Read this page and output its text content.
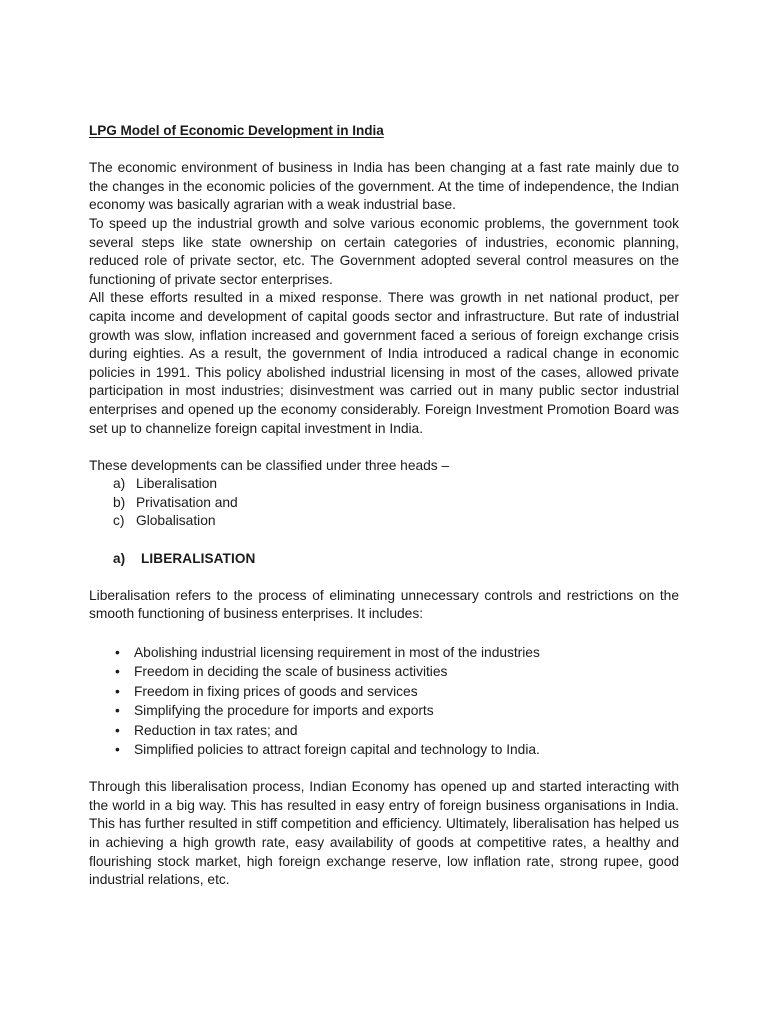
LPG Model of Economic Development in India

The economic environment of business in India has been changing at a fast rate mainly due to the changes in the economic policies of the government. At the time of independence, the Indian economy was basically agrarian with a weak industrial base.

To speed up the industrial growth and solve various economic problems, the government took several steps like state ownership on certain categories of industries, economic planning, reduced role of private sector, etc. The Government adopted several control measures on the functioning of private sector enterprises.

All these efforts resulted in a mixed response. There was growth in net national product, per capita income and development of capital goods sector and infrastructure. But rate of industrial growth was slow, inflation increased and government faced a serious of foreign exchange crisis during eighties. As a result, the government of India introduced a radical change in economic policies in 1991. This policy abolished industrial licensing in most of the cases, allowed private participation in most industries; disinvestment was carried out in many public sector industrial enterprises and opened up the economy considerably. Foreign Investment Promotion Board was set up to channelize foreign capital investment in India.

These developments can be classified under three heads –

a) Liberalisation
b) Privatisation and
c) Globalisation

a) LIBERALISATION

Liberalisation refers to the process of eliminating unnecessary controls and restrictions on the smooth functioning of business enterprises. It includes:

• Abolishing industrial licensing requirement in most of the industries
• Freedom in deciding the scale of business activities
• Freedom in fixing prices of goods and services
• Simplifying the procedure for imports and exports
• Reduction in tax rates; and
• Simplified policies to attract foreign capital and technology to India.

Through this liberalisation process, Indian Economy has opened up and started interacting with the world in a big way. This has resulted in easy entry of foreign business organisations in India. This has further resulted in stiff competition and efficiency. Ultimately, liberalisation has helped us in achieving a high growth rate, easy availability of goods at competitive rates, a healthy and flourishing stock market, high foreign exchange reserve, low inflation rate, strong rupee, good industrial relations, etc.
